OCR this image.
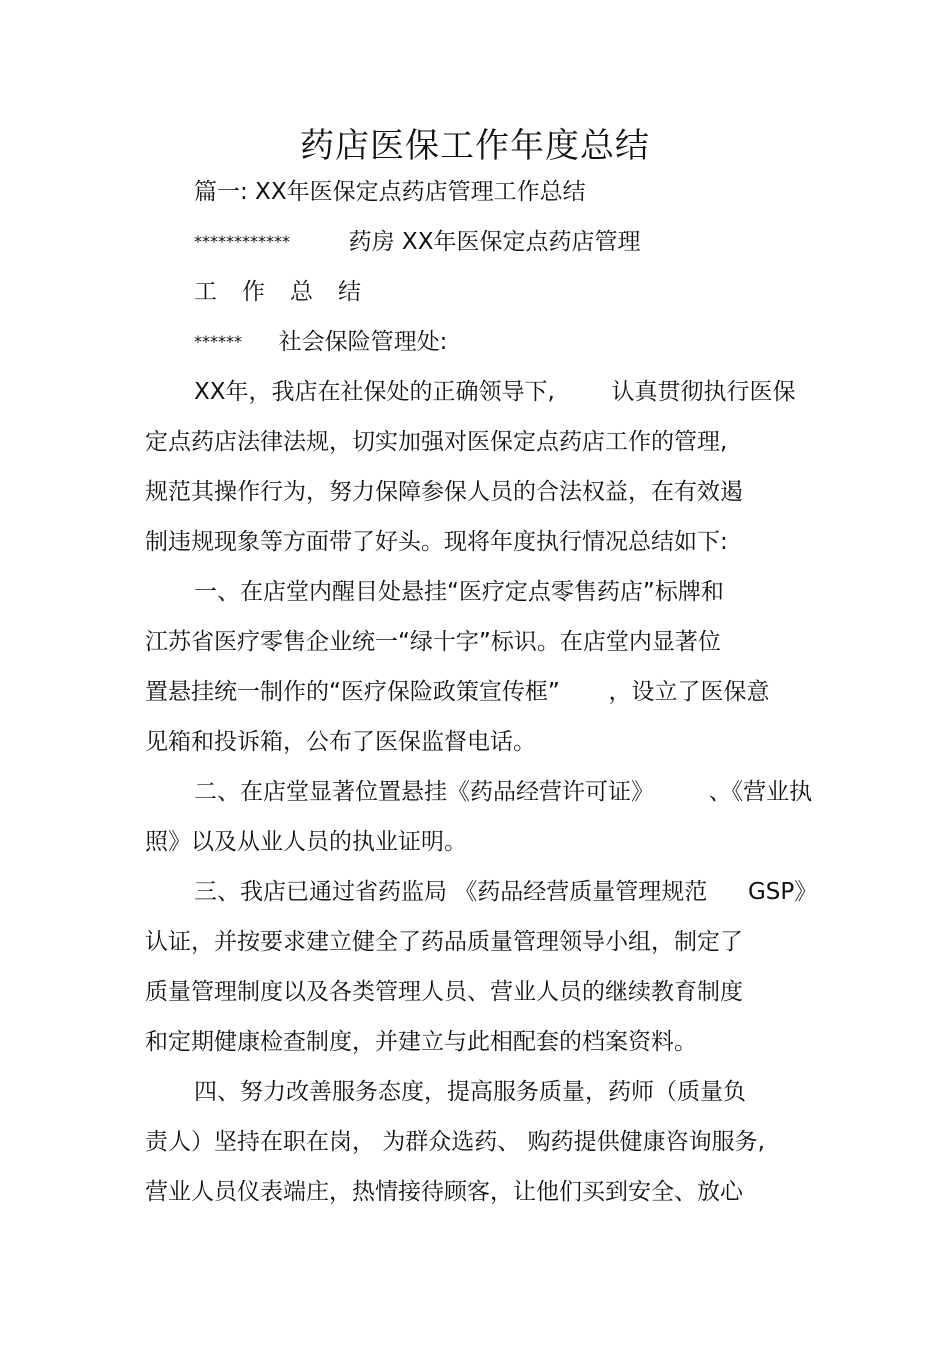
药店医保工作年度总结
篇一: XX年医保定点药店管理工作总结
************	药房 XX年医保定点药店管理
工作总结
****** 社会保险管理处:
XX年，我店在社保处的正确领导下, 认真贯彻执行医保
定点药店法律法规，切实加强对医保定点药店工作的管理,
规范其操作行为，努力保障参保人员的合法权益，在有效遏
制违规现象等方面带了好头。现将年度执行情况总结如下:
一、在店堂内醒目处悬挂“医疗定点零售药店”标牌和
江苏省医疗零售企业统一“绿十字”标识。在店堂内显著位
置悬挂统一制作的“医疗保险政策宣传框” ，设立了医保意
见箱和投诉箱，公布了医保监督电话。
二、在店堂显著位置悬挂《药品经营许可证》 、《营业执
照》以及从业人员的执业证明。
三、我店已通过省药监局 《药品经营质量管理规范 GSP》
认证，并按要求建立健全了药品质量管理领导小组，制定了
质量管理制度以及各类管理人员、营业人员的继续教育制度
和定期健康检查制度，并建立与此相配套的档案资料。
四、努力改善服务态度，提高服务质量，药师（质量负
责人）坚持在职在岗， 为群众选药、 购药提供健康咨询服务,
营业人员仪表端庄，热情接待顾客，让他们买到安全、放心
